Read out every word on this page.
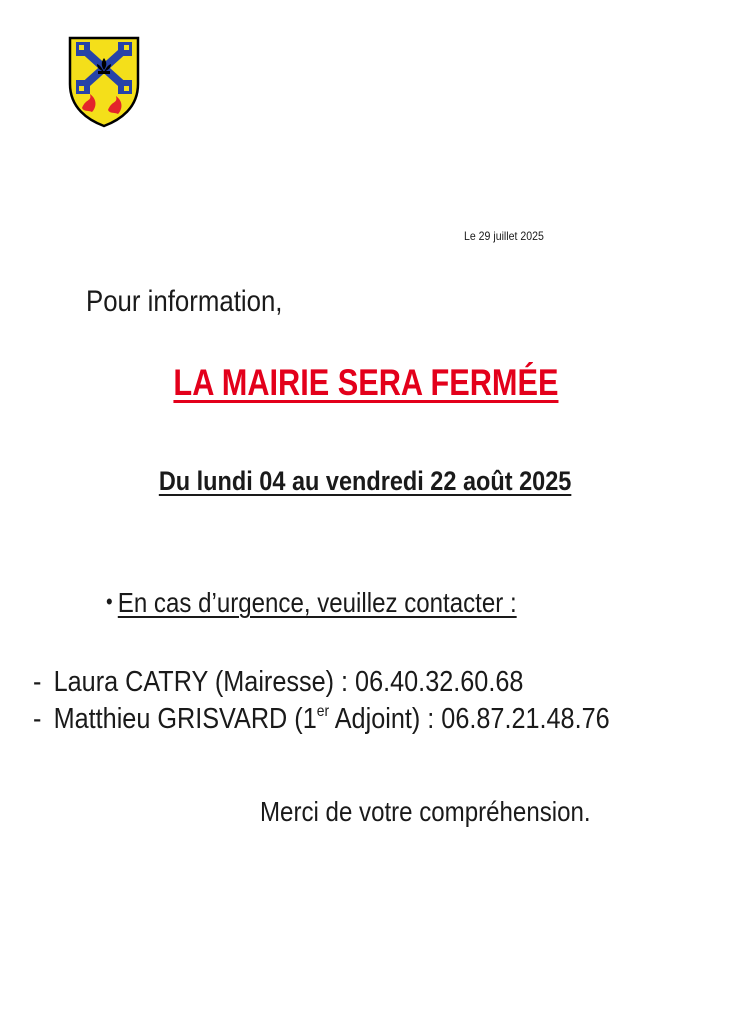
Le 29 juillet 2025
Pour information,
LA MAIRIE SERA FERMÉE
Du lundi 04 au vendredi 22 août 2025
• En cas d’urgence, veuillez contacter :
- Laura CATRY (Mairesse) : 06.40.32.60.68
- Matthieu GRISVARD (1er Adjoint) : 06.87.21.48.76
Merci de votre compréhension.
